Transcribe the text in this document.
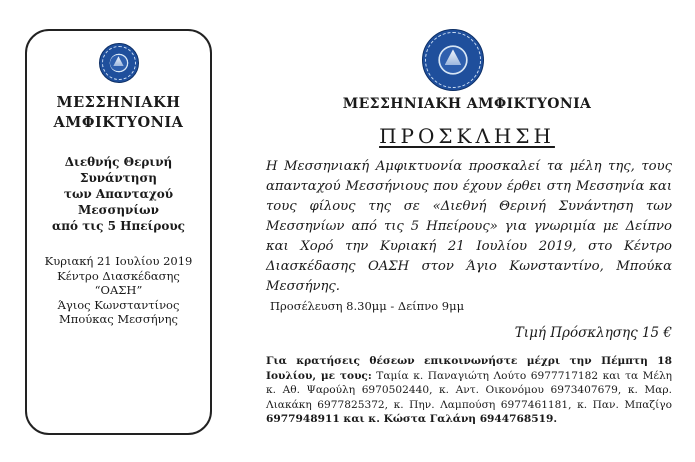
ΜΕΣΣΗΝΙΑΚΗ
ΑΜΦΙΚΤΥΟΝΙΑ
Διεθνής Θερινή
Συνάντηση
των Απανταχού
Μεσσηνίων
από τις 5 Ηπείρους
Κυριακή 21 Ιουλίου 2019
Κέντρο Διασκέδασης
“ΟΑΣΗ”
Άγιος Κωνσταντίνος
Μπούκας Μεσσήνης
ΜΕΣΣΗΝΙΑΚΗ ΑΜΦΙΚΤΥΟΝΙΑ
ΠΡΟΣΚΛΗΣΗ
Η Μεσσηνιακή Αμφικτυονία προσκαλεί τα μέλη της, τους απανταχού Μεσσήνιους που έχουν έρθει στη Μεσσηνία και τους φίλους της σε «Διεθνή Θερινή Συνάντηση των Μεσσηνίων από τις 5 Ηπείρους» για γνωριμία με Δείπνο και Χορό την Κυριακή 21 Ιουλίου 2019, στο Κέντρο Διασκέδασης ΟΑΣΗ στον Άγιο Κωνσταντίνο, Μπούκα Μεσσήνης.
Προσέλευση 8.30μμ - Δείπνο 9μμ
Τιμή Πρόσκλησης 15 €
Για κρατήσεις θέσεων επικοινωνήστε μέχρι την Πέμπτη 18 Ιουλίου, με τους: Ταμία κ. Παναγιώτη Λούτο 6977717182 και τα Μέλη κ. Αθ. Ψαρούλη 6970502440, κ. Αντ. Οικονόμου 6973407679, κ. Μαρ. Λιακάκη 6977825372, κ. Πην. Λαμπούση 6977461181, κ. Παν. Μπαζίγο 6977948911 και κ. Κώστα Γαλάνη 6944768519.
